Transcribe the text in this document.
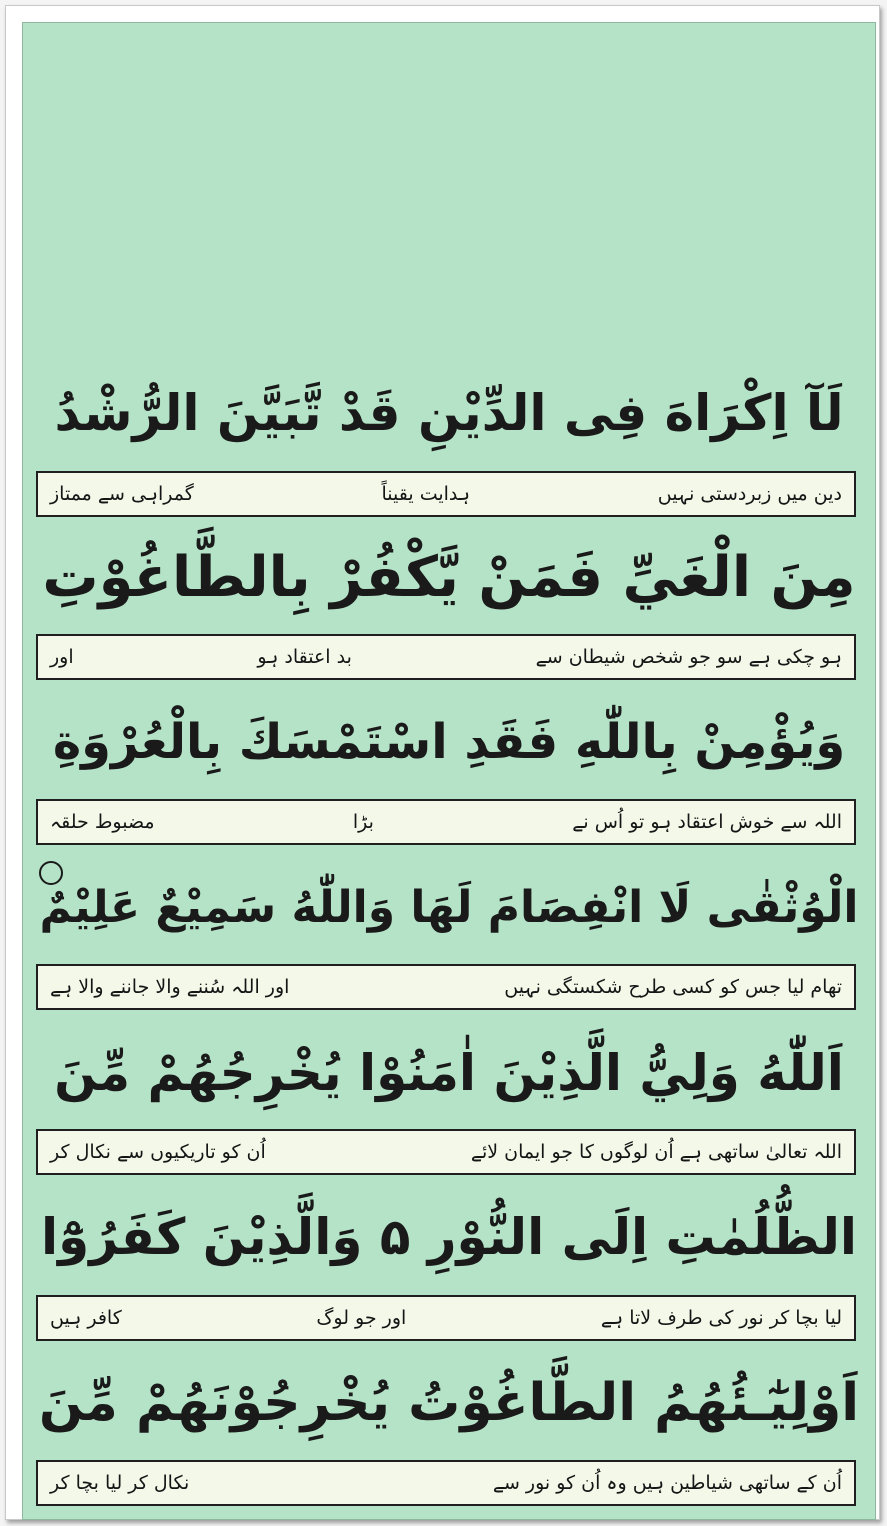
لَآ اِكْرَاهَ فِى الدِّيْنِ قَدْ تَّبَيَّنَ الرُّشْدُ
دین میں زبردستی نہیں
ہدایت یقیناً
گمراہی سے ممتاز
مِنَ الْغَيِّ فَمَنْ يَّكْفُرْ بِالطَّاغُوْتِ
ہو چکی ہے سو جو شخص شیطان سے
بد اعتقاد ہو
اور
وَيُؤْمِنْ بِاللّٰهِ فَقَدِ اسْتَمْسَكَ بِالْعُرْوَةِ
اللہ سے خوش اعتقاد ہو تو اُس نے
بڑا
مضبوط حلقہ
الْوُثْقٰى لَا انْفِصَامَ لَهَا وَاللّٰهُ سَمِيْعٌ عَلِيْمٌ
تھام لیا جس کو کسی طرح شکستگی نہیں
اور اللہ سُننے والا جاننے والا ہے
اَللّٰهُ وَلِيُّ الَّذِيْنَ اٰمَنُوْا يُخْرِجُهُمْ مِّنَ
اللہ تعالیٰ ساتھی ہے اُن لوگوں کا جو ایمان لائے
اُن کو تاریکیوں سے نکال کر
الظُّلُمٰتِ اِلَى النُّوْرِ ۵ وَالَّذِيْنَ كَفَرُوْٓا
لیا بچا کر نور کی طرف لاتا ہے
اور جو لوگ
کافر ہیں
اَوْلِيٰٓـئُهُمُ الطَّاغُوْتُ يُخْرِجُوْنَهُمْ مِّنَ
اُن کے ساتھی شیاطین ہیں وہ اُن کو نور سے
نکال کر لیا بچا کر
